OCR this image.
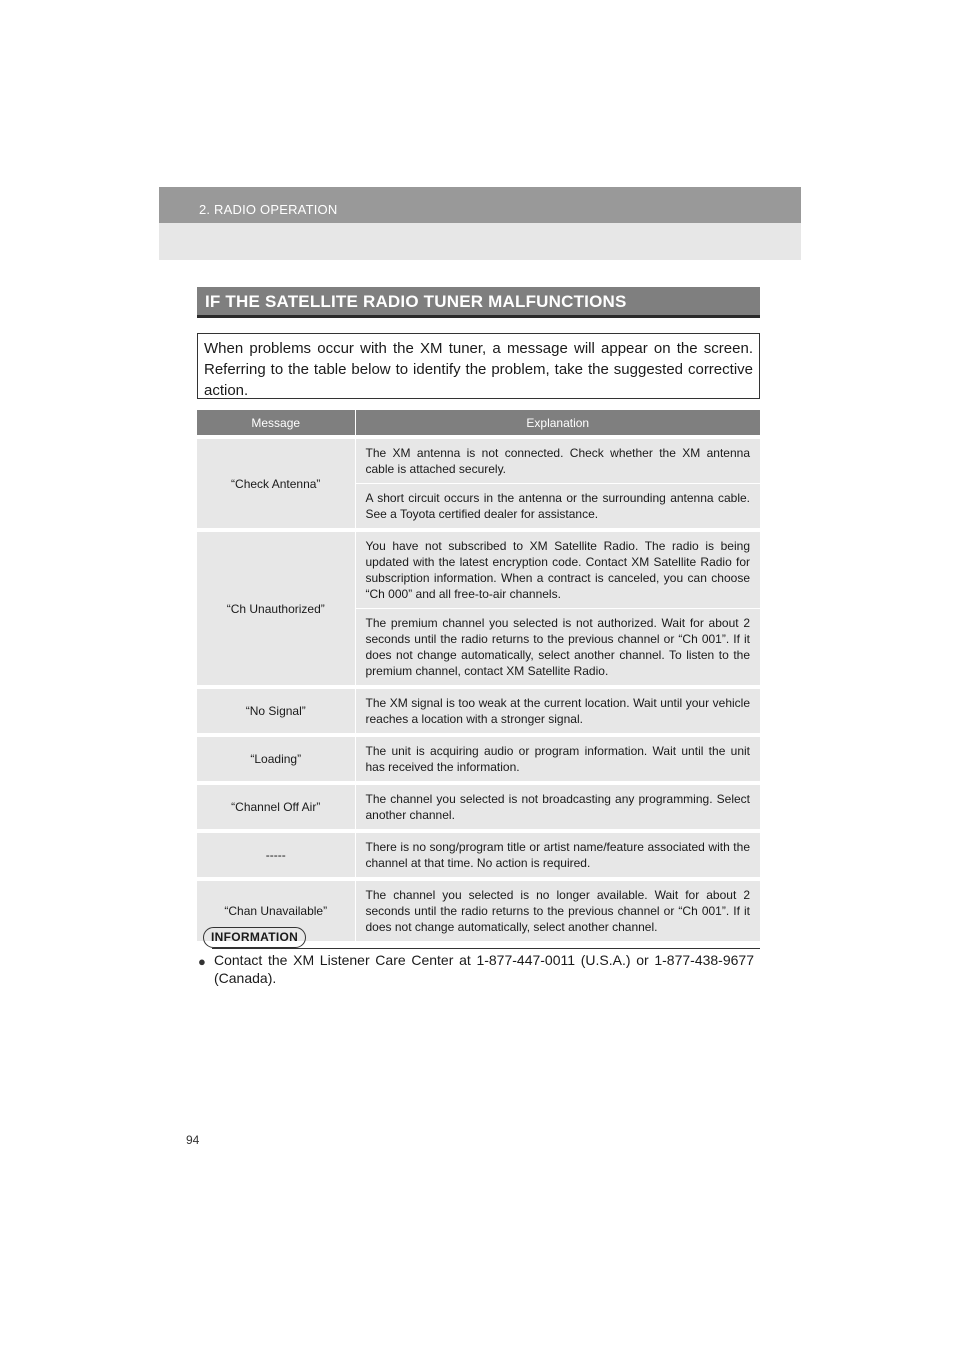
2. RADIO OPERATION
IF THE SATELLITE RADIO TUNER MALFUNCTIONS
When problems occur with the XM tuner, a message will appear on the screen. Referring to the table below to identify the problem, take the suggested corrective action.
Message	Explanation
“Check Antenna”	The XM antenna is not connected. Check whether the XM antenna cable is attached securely.
	A short circuit occurs in the antenna or the surrounding antenna cable. See a Toyota certified dealer for assistance.
“Ch Unauthorized”	You have not subscribed to XM Satellite Radio. The radio is being updated with the latest encryption code. Contact XM Satellite Radio for subscription information. When a contract is canceled, you can choose “Ch 000” and all free-to-air channels.
	The premium channel you selected is not authorized. Wait for about 2 seconds until the radio returns to the previous channel or “Ch 001”. If it does not change automatically, select another channel. To listen to the premium channel, contact XM Satellite Radio.
“No Signal”	The XM signal is too weak at the current location. Wait until your vehicle reaches a location with a stronger signal.
“Loading”	The unit is acquiring audio or program information. Wait until the unit has received the information.
“Channel Off Air”	The channel you selected is not broadcasting any programming. Select another channel.
-----	There is no song/program title or artist name/feature associated with the channel at that time. No action is required.
“Chan Unavailable”	The channel you selected is no longer available. Wait for about 2 seconds until the radio returns to the previous channel or “Ch 001”. If it does not change automatically, select another channel.
INFORMATION
● Contact the XM Listener Care Center at 1-877-447-0011 (U.S.A.) or 1-877-438-9677 (Canada).
94
